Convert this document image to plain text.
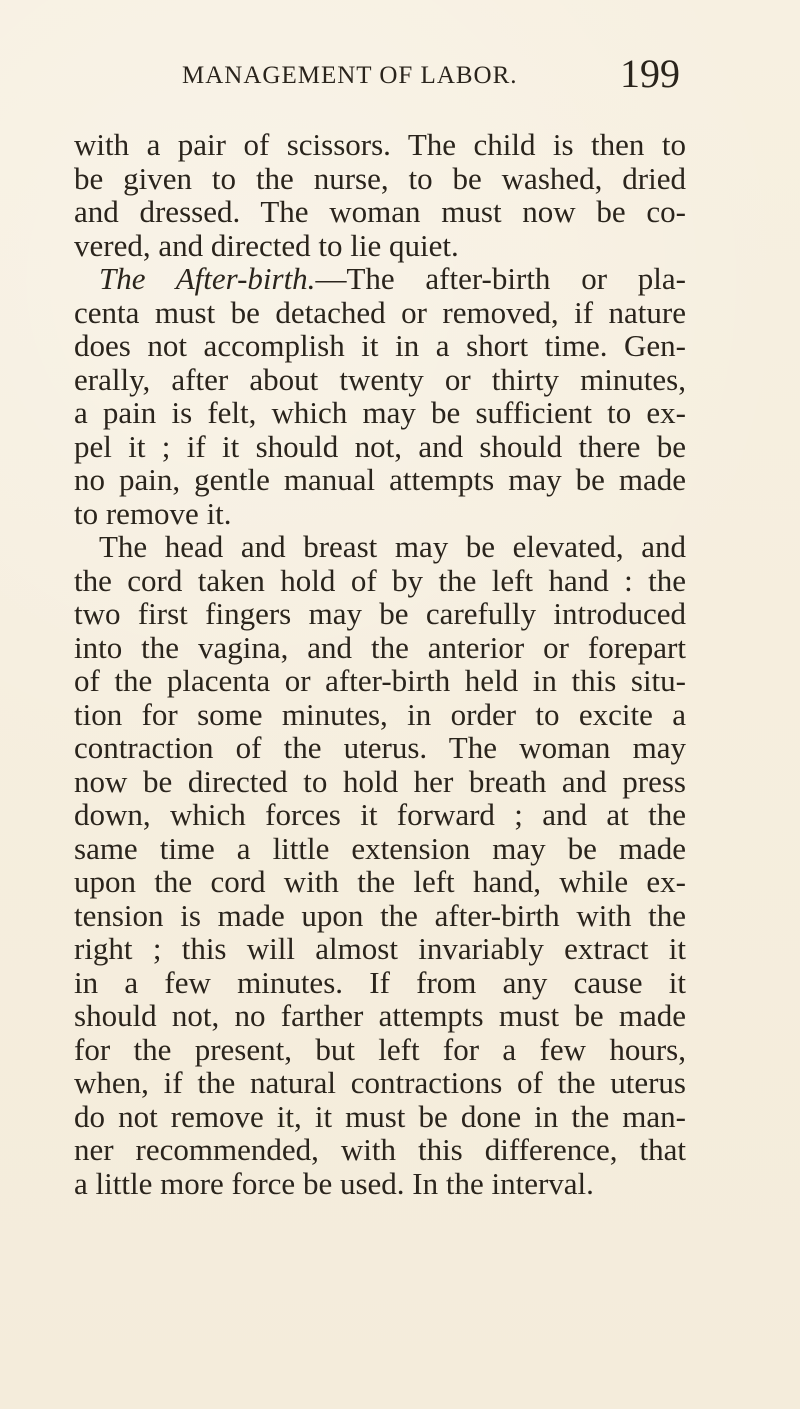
MANAGEMENT OF LABOR.	199
with a pair of scissors. The child is then to
be given to the nurse, to be washed, dried
and dressed. The woman must now be co-
vered, and directed to lie quiet.
The After-birth.—The after-birth or pla-
centa must be detached or removed, if nature
does not accomplish it in a short time. Gen-
erally, after about twenty or thirty minutes,
a pain is felt, which may be sufficient to ex-
pel it ; if it should not, and should there be
no pain, gentle manual attempts may be made
to remove it.
The head and breast may be elevated, and
the cord taken hold of by the left hand : the
two first fingers may be carefully introduced
into the vagina, and the anterior or forepart
of the placenta or after-birth held in this situ-
tion for some minutes, in order to excite a
contraction of the uterus. The woman may
now be directed to hold her breath and press
down, which forces it forward ; and at the
same time a little extension may be made
upon the cord with the left hand, while ex-
tension is made upon the after-birth with the
right ; this will almost invariably extract it
in a few minutes. If from any cause it
should not, no farther attempts must be made
for the present, but left for a few hours,
when, if the natural contractions of the uterus
do not remove it, it must be done in the man-
ner recommended, with this difference, that
a little more force be used. In the interval.
